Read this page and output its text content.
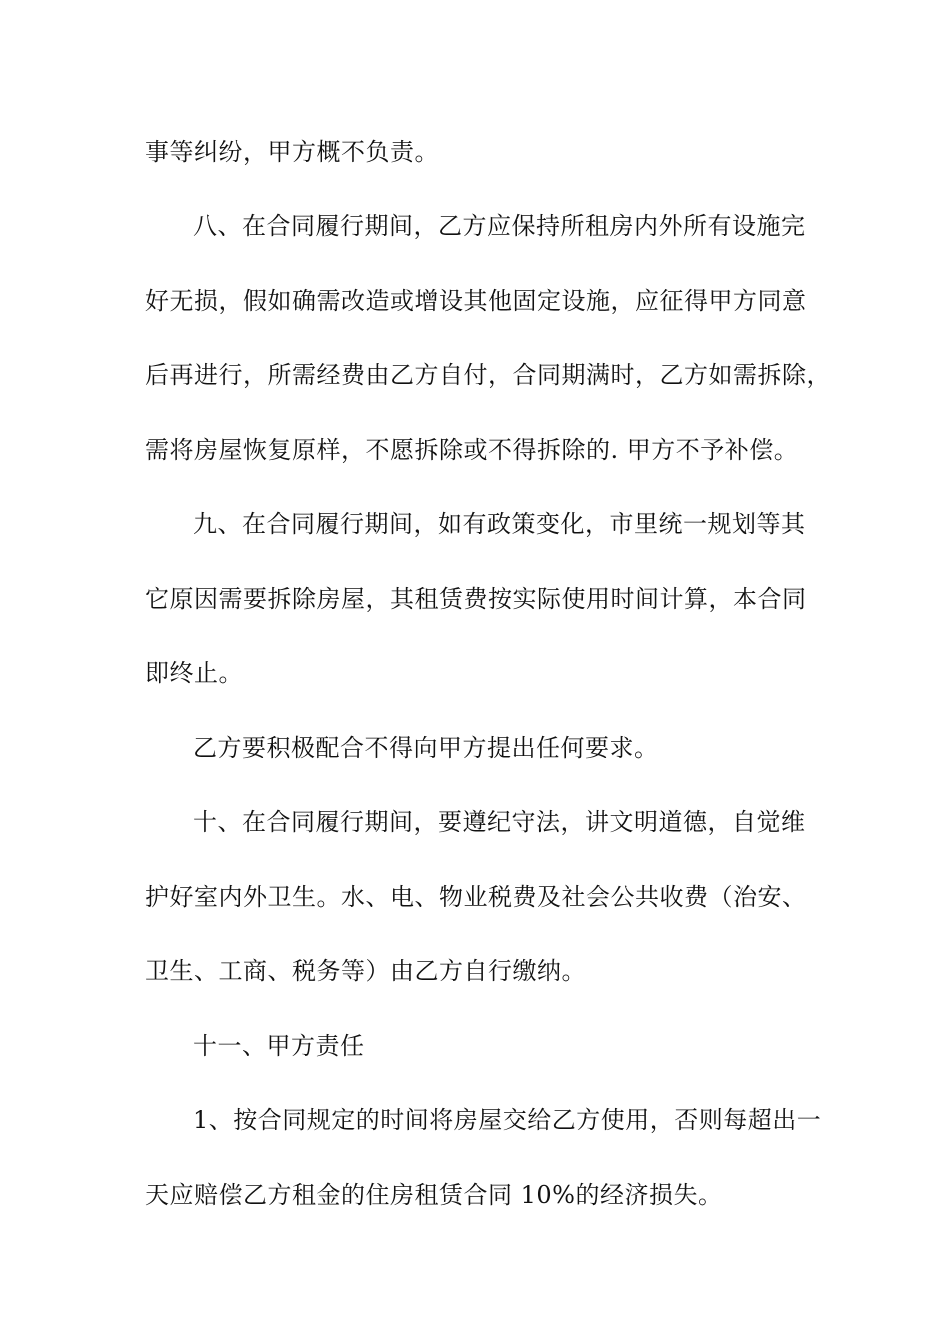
事等纠纷，甲方概不负责。
八、在合同履行期间，乙方应保持所租房内外所有设施完
好无损，假如确需改造或增设其他固定设施，应征得甲方同意
后再进行，所需经费由乙方自付，合同期满时，乙方如需拆除，
需将房屋恢复原样，不愿拆除或不得拆除的. 甲方不予补偿。
九、在合同履行期间，如有政策变化，市里统一规划等其
它原因需要拆除房屋，其租赁费按实际使用时间计算，本合同
即终止。
乙方要积极配合不得向甲方提出任何要求。
十、在合同履行期间，要遵纪守法，讲文明道德，自觉维
护好室内外卫生。水、电、物业税费及社会公共收费（治安、
卫生、工商、税务等）由乙方自行缴纳。
十一、甲方责任
1、按合同规定的时间将房屋交给乙方使用，否则每超出一
天应赔偿乙方租金的住房租赁合同 10%的经济损失。
